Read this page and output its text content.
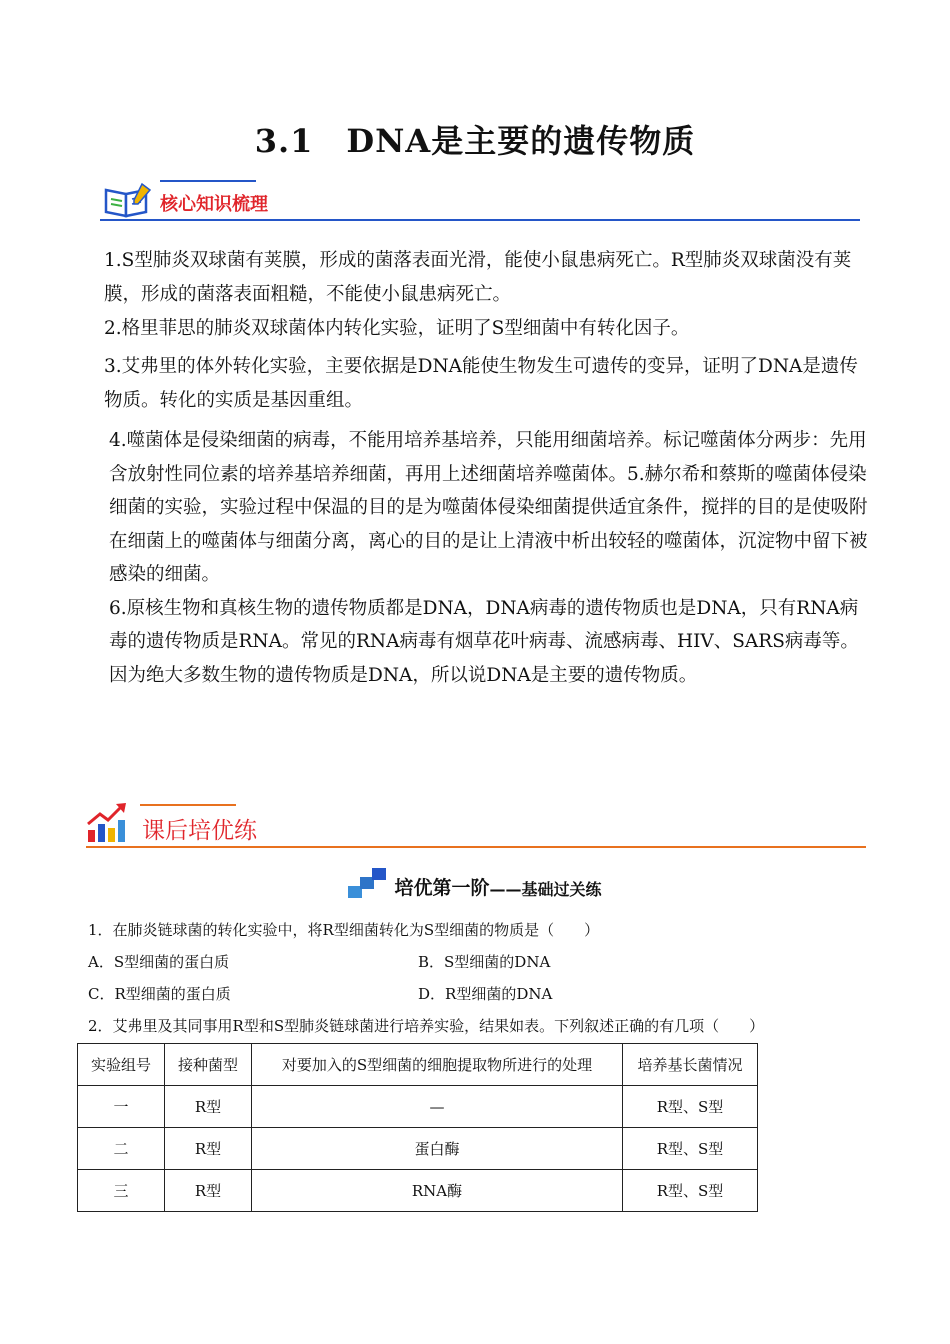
3.1　DNA是主要的遗传物质
核心知识梳理

1.S型肺炎双球菌有荚膜，形成的菌落表面光滑，能使小鼠患病死亡。R型肺炎双球菌没有荚膜，形成的菌落表面粗糙，不能使小鼠患病死亡。

2.格里菲思的肺炎双球菌体内转化实验，证明了S型细菌中有转化因子。

3.艾弗里的体外转化实验，主要依据是DNA能使生物发生可遗传的变异，证明了DNA是遗传物质。转化的实质是基因重组。

4.噬菌体是侵染细菌的病毒，不能用培养基培养，只能用细菌培养。标记噬菌体分两步：先用含放射性同位素的培养基培养细菌，再用上述细菌培养噬菌体。5.赫尔希和蔡斯的噬菌体侵染细菌的实验，实验过程中保温的目的是为噬菌体侵染细菌提供适宜条件，搅拌的目的是使吸附在细菌上的噬菌体与细菌分离，离心的目的是让上清液中析出较轻的噬菌体，沉淀物中留下被感染的细菌。

6.原核生物和真核生物的遗传物质都是DNA，DNA病毒的遗传物质也是DNA，只有RNA病毒的遗传物质是RNA。常见的RNA病毒有烟草花叶病毒、流感病毒、HIV、SARS病毒等。因为绝大多数生物的遗传物质是DNA，所以说DNA是主要的遗传物质。

课后培优练
培优第一阶 ——基础过关练

1．在肺炎链球菌的转化实验中，将R型细菌转化为S型细菌的物质是（　　）

A．S型细菌的蛋白质	B．S型细菌的DNA
C．R型细菌的蛋白质	D．R型细菌的DNA

2．艾弗里及其同事用R型和S型肺炎链球菌进行培养实验，结果如表。下列叙述正确的有几项（　　）

实验组号	接种菌型	对要加入的S型细菌的细胞提取物所进行的处理	培养基长菌情况
一	R型	—	R型、S型
二	R型	蛋白酶	R型、S型
三	R型	RNA酶	R型、S型
